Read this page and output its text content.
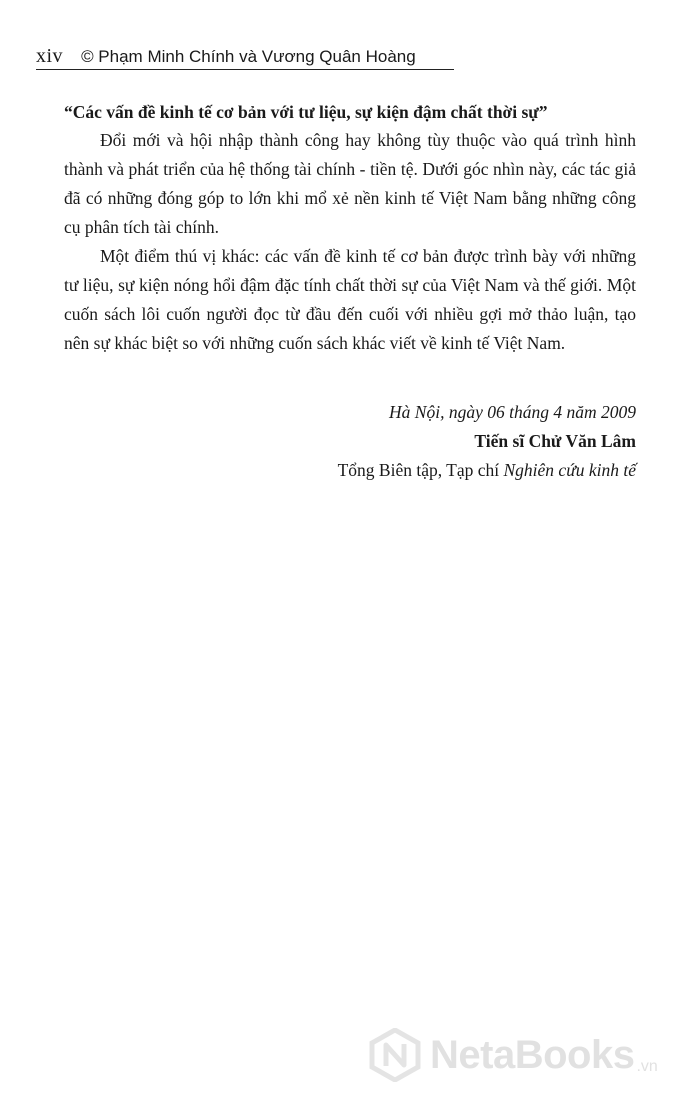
xiv © Phạm Minh Chính và Vương Quân Hoàng

“Các vấn đề kinh tế cơ bản với tư liệu, sự kiện đậm chất thời sự”

Đổi mới và hội nhập thành công hay không tùy thuộc vào quá trình hình thành và phát triển của hệ thống tài chính - tiền tệ. Dưới góc nhìn này, các tác giả đã có những đóng góp to lớn khi mổ xẻ nền kinh tế Việt Nam bằng những công cụ phân tích tài chính.

Một điểm thú vị khác: các vấn đề kinh tế cơ bản được trình bày với những tư liệu, sự kiện nóng hổi đậm đặc tính chất thời sự của Việt Nam và thế giới. Một cuốn sách lôi cuốn người đọc từ đầu đến cuối với nhiều gợi mở thảo luận, tạo nên sự khác biệt so với những cuốn sách khác viết về kinh tế Việt Nam.

Hà Nội, ngày 06 tháng 4 năm 2009
Tiến sĩ Chử Văn Lâm
Tổng Biên tập, Tạp chí Nghiên cứu kinh tế
NetaBooks .vn
